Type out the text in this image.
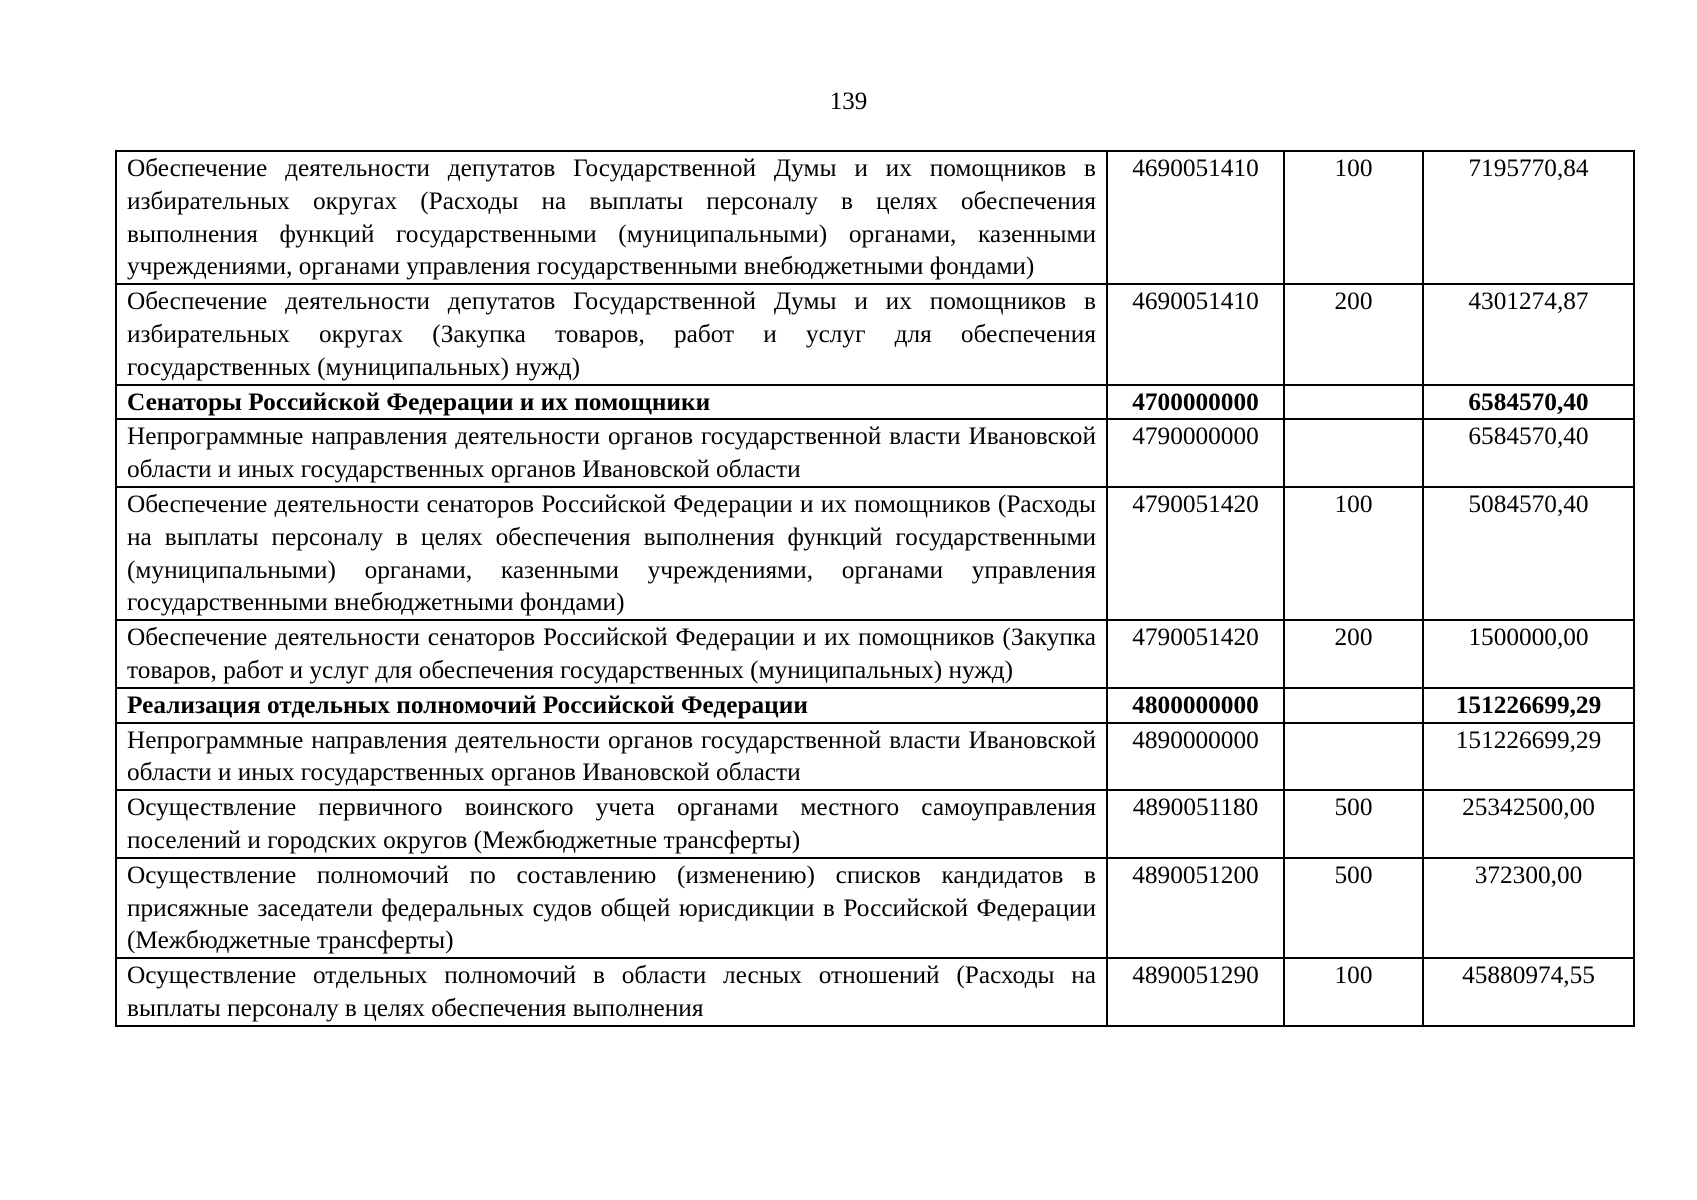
139
Обеспечение деятельности депутатов Государственной Думы и их помощников в избирательных округах (Расходы на выплаты персоналу в целях обеспечения выполнения функций государственными (муниципальными) органами, казенными учреждениями, органами управления государственными внебюджетными фондами)	4690051410	100	7195770,84
Обеспечение деятельности депутатов Государственной Думы и их помощников в избирательных округах (Закупка товаров, работ и услуг для обеспечения государственных (муниципальных) нужд)	4690051410	200	4301274,87
Сенаторы Российской Федерации и их помощники	4700000000		6584570,40
Непрограммные направления деятельности органов государственной власти Ивановской области и иных государственных органов Ивановской области	4790000000		6584570,40
Обеспечение деятельности сенаторов Российской Федерации и их помощников (Расходы на выплаты персоналу в целях обеспечения выполнения функций государственными (муниципальными) органами, казенными учреждениями, органами управления государственными внебюджетными фондами)	4790051420	100	5084570,40
Обеспечение деятельности сенаторов Российской Федерации и их помощников (Закупка товаров, работ и услуг для обеспечения государственных (муниципальных) нужд)	4790051420	200	1500000,00
Реализация отдельных полномочий Российской Федерации	4800000000		151226699,29
Непрограммные направления деятельности органов государственной власти Ивановской области и иных государственных органов Ивановской области	4890000000		151226699,29
Осуществление первичного воинского учета органами местного самоуправления поселений и городских округов (Межбюджетные трансферты)	4890051180	500	25342500,00
Осуществление полномочий по составлению (изменению) списков кандидатов в присяжные заседатели федеральных судов общей юрисдикции в Российской Федерации (Межбюджетные трансферты)	4890051200	500	372300,00
Осуществление отдельных полномочий в области лесных отношений (Расходы на выплаты персоналу в целях обеспечения выполнения	4890051290	100	45880974,55
